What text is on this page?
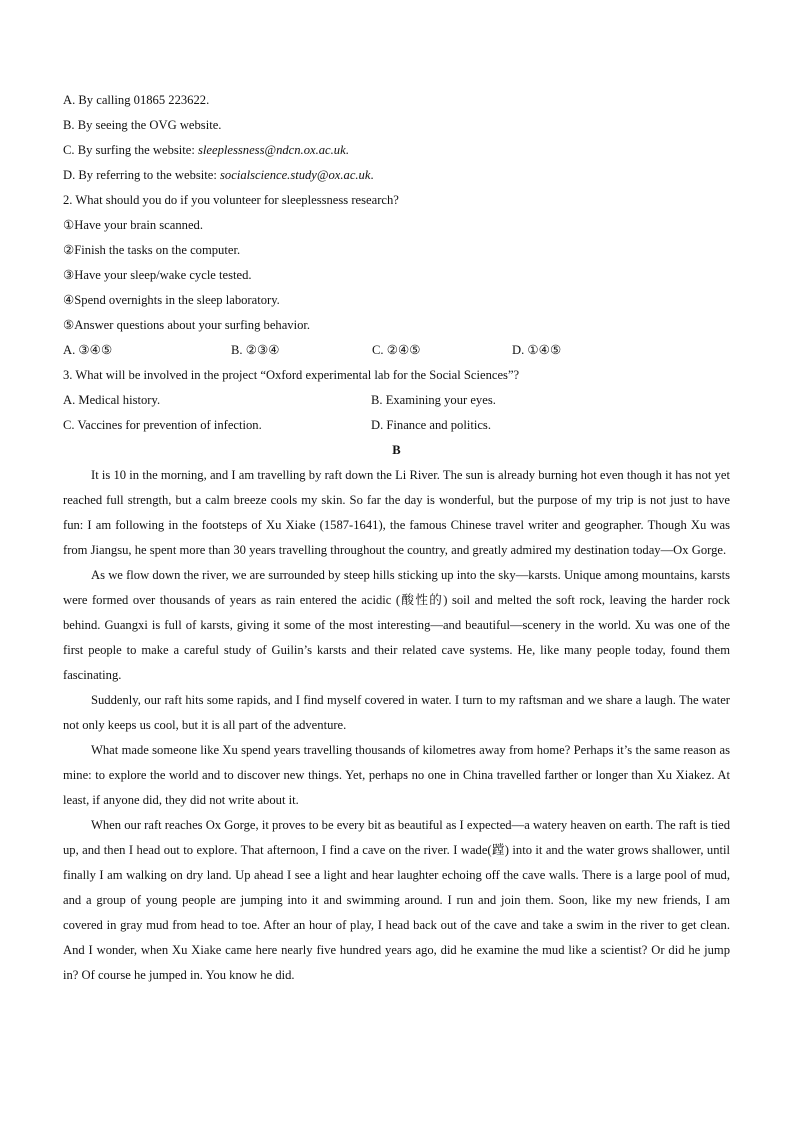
A. By calling 01865 223622.
B. By seeing the OVG website.
C. By surfing the website: sleeplessness@ndcn.ox.ac.uk.
D. By referring to the website: socialscience.study@ox.ac.uk.
2. What should you do if you volunteer for sleeplessness research?
①Have your brain scanned.
②Finish the tasks on the computer.
③Have your sleep/wake cycle tested.
④Spend overnights in the sleep laboratory.
⑤Answer questions about your surfing behavior.
A. ③④⑤	B. ②③④	C. ②④⑤	D. ①④⑤
3. What will be involved in the project “Oxford experimental lab for the Social Sciences”?
A. Medical history.	B. Examining your eyes.
C. Vaccines for prevention of infection.	D. Finance and politics.
B

It is 10 in the morning, and I am travelling by raft down the Li River. The sun is already burning hot even though it has not yet reached full strength, but a calm breeze cools my skin. So far the day is wonderful, but the purpose of my trip is not just to have fun: I am following in the footsteps of Xu Xiake (1587-1641), the famous Chinese travel writer and geographer. Though Xu was from Jiangsu, he spent more than 30 years travelling throughout the country, and greatly admired my destination today—Ox Gorge.

As we flow down the river, we are surrounded by steep hills sticking up into the sky—karsts. Unique among mountains, karsts were formed over thousands of years as rain entered the acidic (酸性的) soil and melted the soft rock, leaving the harder rock behind. Guangxi is full of karsts, giving it some of the most interesting—and beautiful—scenery in the world. Xu was one of the first people to make a careful study of Guilin’s karsts and their related cave systems. He, like many people today, found them fascinating.

Suddenly, our raft hits some rapids, and I find myself covered in water. I turn to my raftsman and we share a laugh. The water not only keeps us cool, but it is all part of the adventure.

What made someone like Xu spend years travelling thousands of kilometres away from home? Perhaps it’s the same reason as mine: to explore the world and to discover new things. Yet, perhaps no one in China travelled farther or longer than Xu Xiakez. At least, if anyone did, they did not write about it.

When our raft reaches Ox Gorge, it proves to be every bit as beautiful as I expected—a watery heaven on earth. The raft is tied up, and then I head out to explore. That afternoon, I find a cave on the river. I wade(蹚) into it and the water grows shallower, until finally I am walking on dry land. Up ahead I see a light and hear laughter echoing off the cave walls. There is a large pool of mud, and a group of young people are jumping into it and swimming around. I run and join them. Soon, like my new friends, I am covered in gray mud from head to toe. After an hour of play, I head back out of the cave and take a swim in the river to get clean. And I wonder, when Xu Xiake came here nearly five hundred years ago, did he examine the mud like a scientist? Or did he jump in? Of course he jumped in. You know he did.
